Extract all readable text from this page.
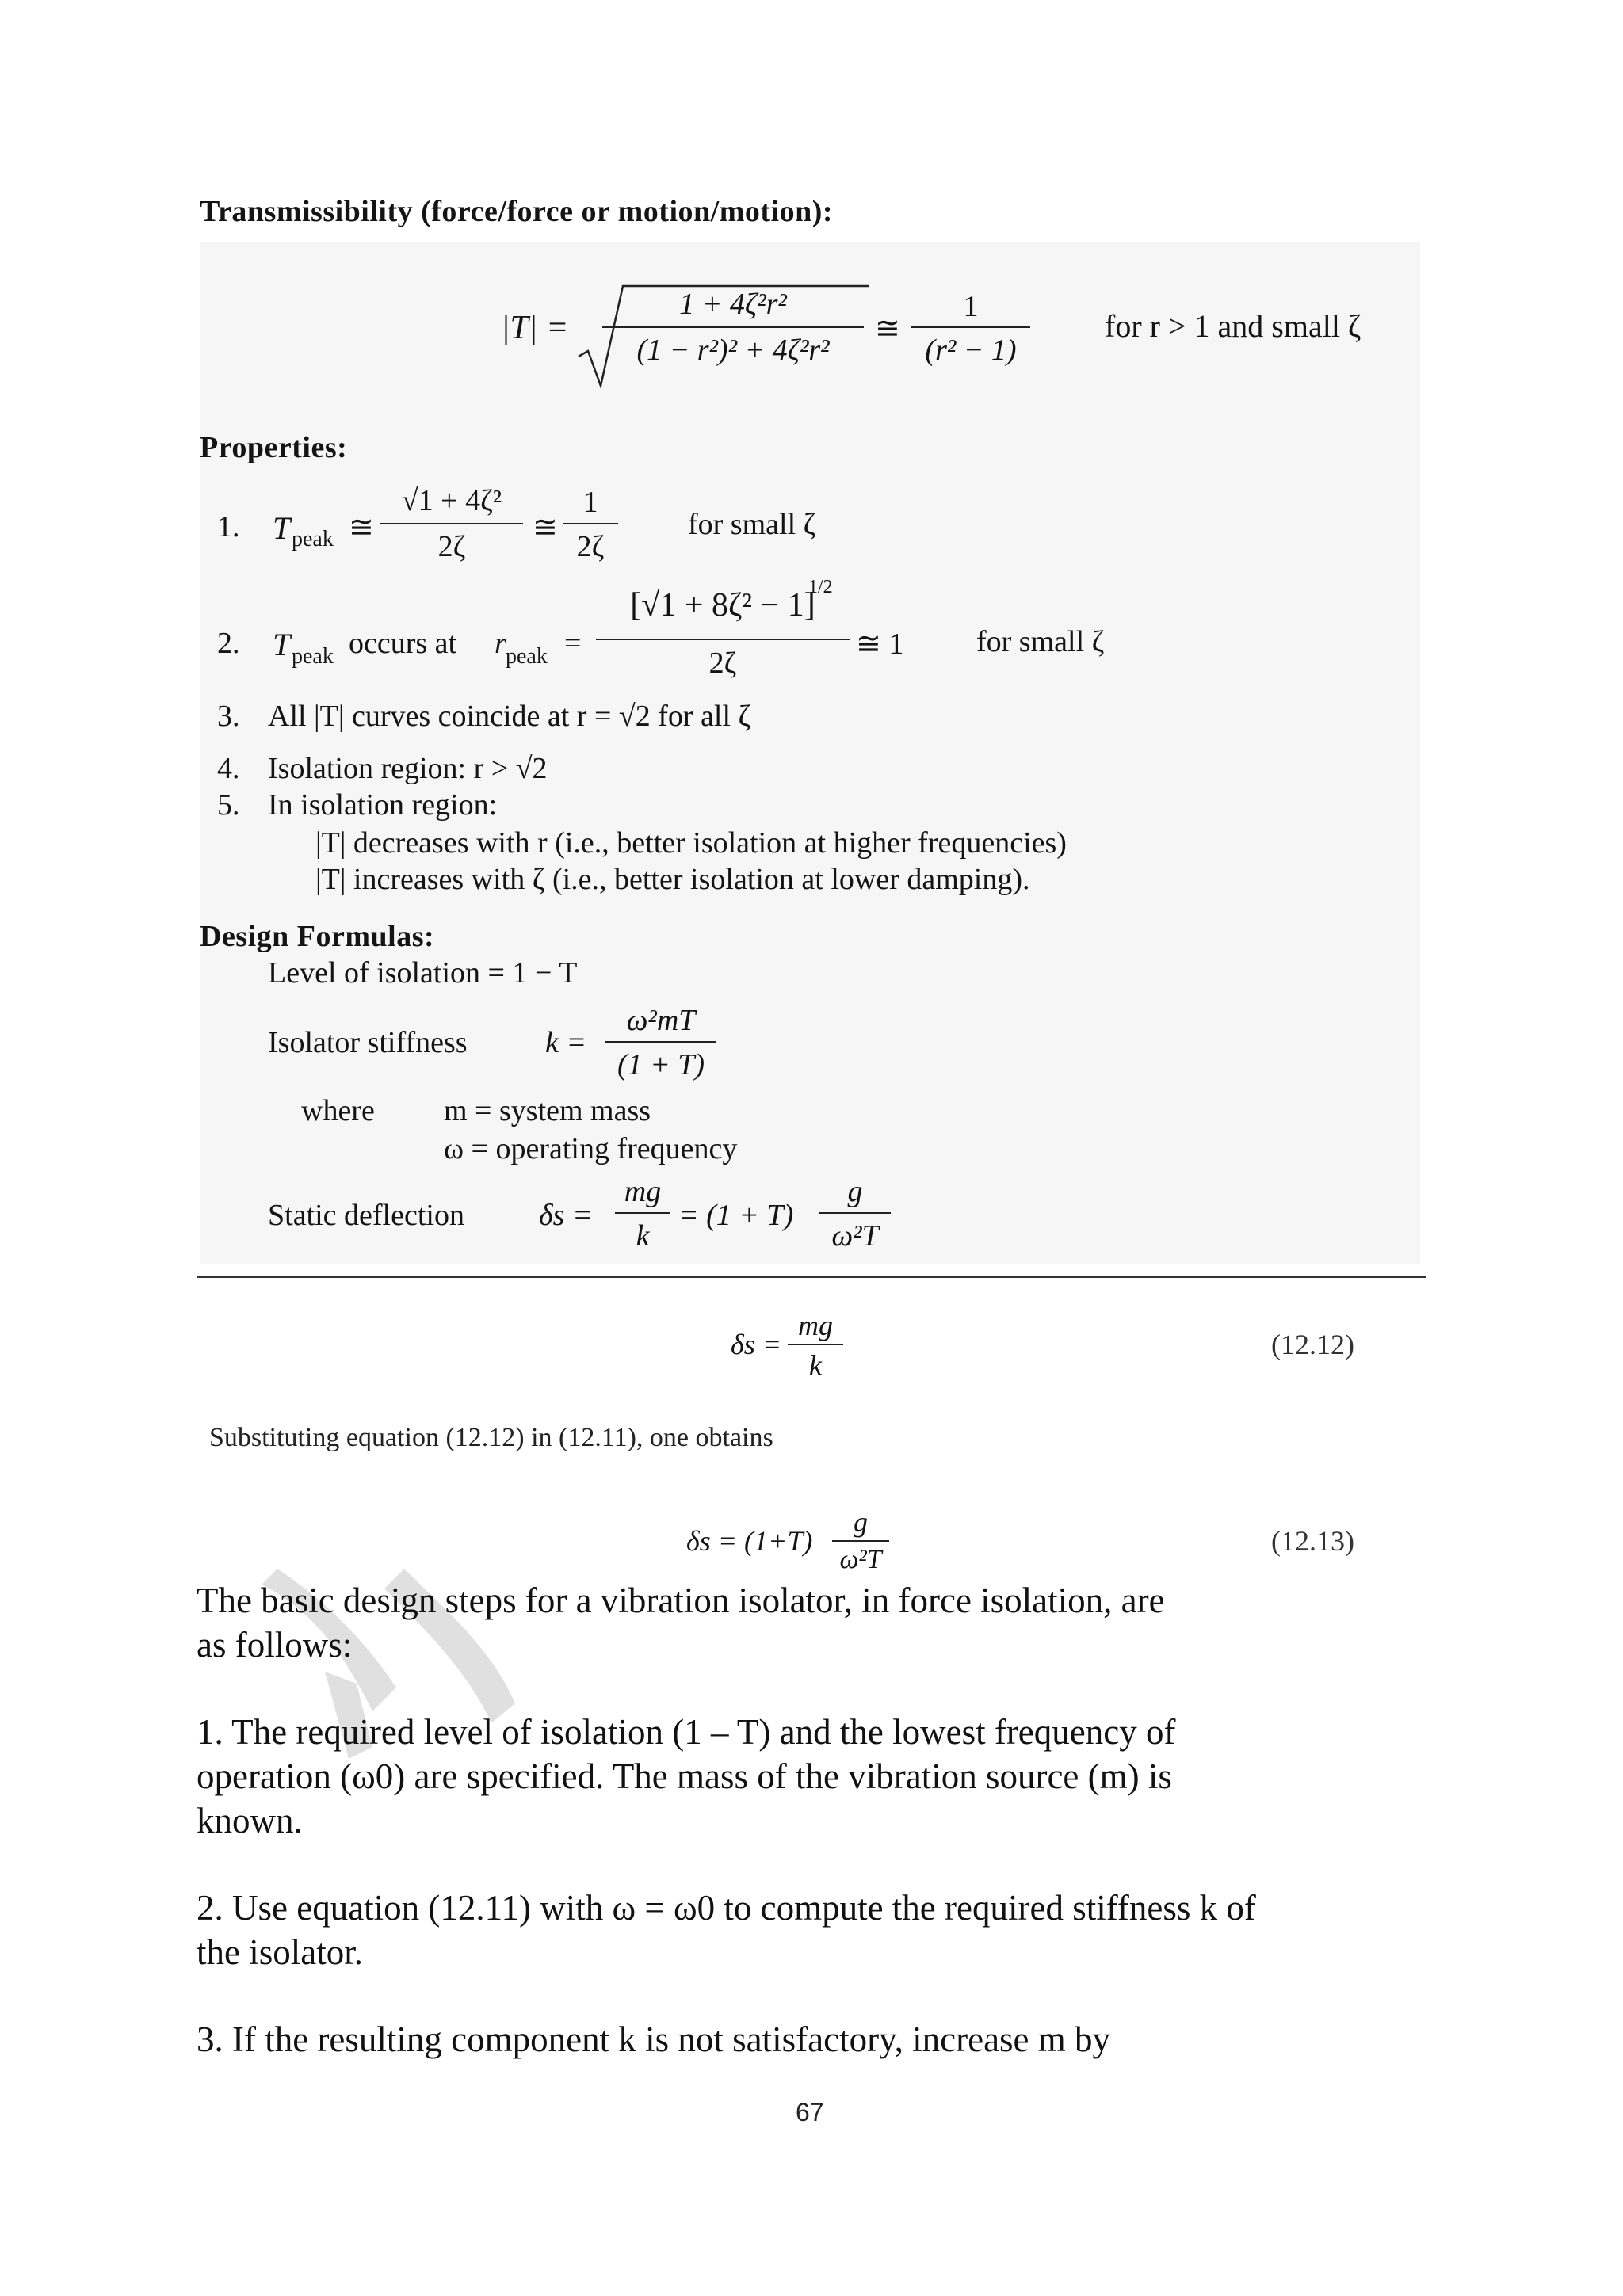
Transmissibility (force/force or motion/motion):
|T| =
1 + 4ζ²r²
(1 − r²)² + 4ζ²r²
≅
1
(r² − 1)
for r > 1 and small ζ
Properties:
1. T peak ≅
√1 + 4ζ²
2ζ
≅
1
2ζ
for small ζ
2. T peak occurs at r peak =
[√1 + 8ζ² − 1]
1/2
2ζ
≅ 1 for small ζ
3. All |T| curves coincide at r = √2 for all ζ
4. Isolation region: r > √2
5. In isolation region:
|T| decreases with r (i.e., better isolation at higher frequencies)
|T| increases with ζ (i.e., better isolation at lower damping).
Design Formulas:
Level of isolation = 1 − T
Isolator stiffness	k =
ω²mT
(1 + T)
where m = system mass
ω = operating frequency
Static deflection δs =
mg
k
= (1 + T)
g
ω²T
δs =
mg
k
(12.12)
Substituting equation (12.12) in (12.11), one obtains
δs = (1+T)
g
ω²T
(12.13)
The basic design steps for a vibration isolator, in force isolation, are
as follows:
1. The required level of isolation (1 – T) and the lowest frequency of
operation (ω0) are specified. The mass of the vibration source (m) is
known.
2. Use equation (12.11) with ω = ω0 to compute the required stiffness k of
the isolator.
3. If the resulting component k is not satisfactory, increase m by
67
